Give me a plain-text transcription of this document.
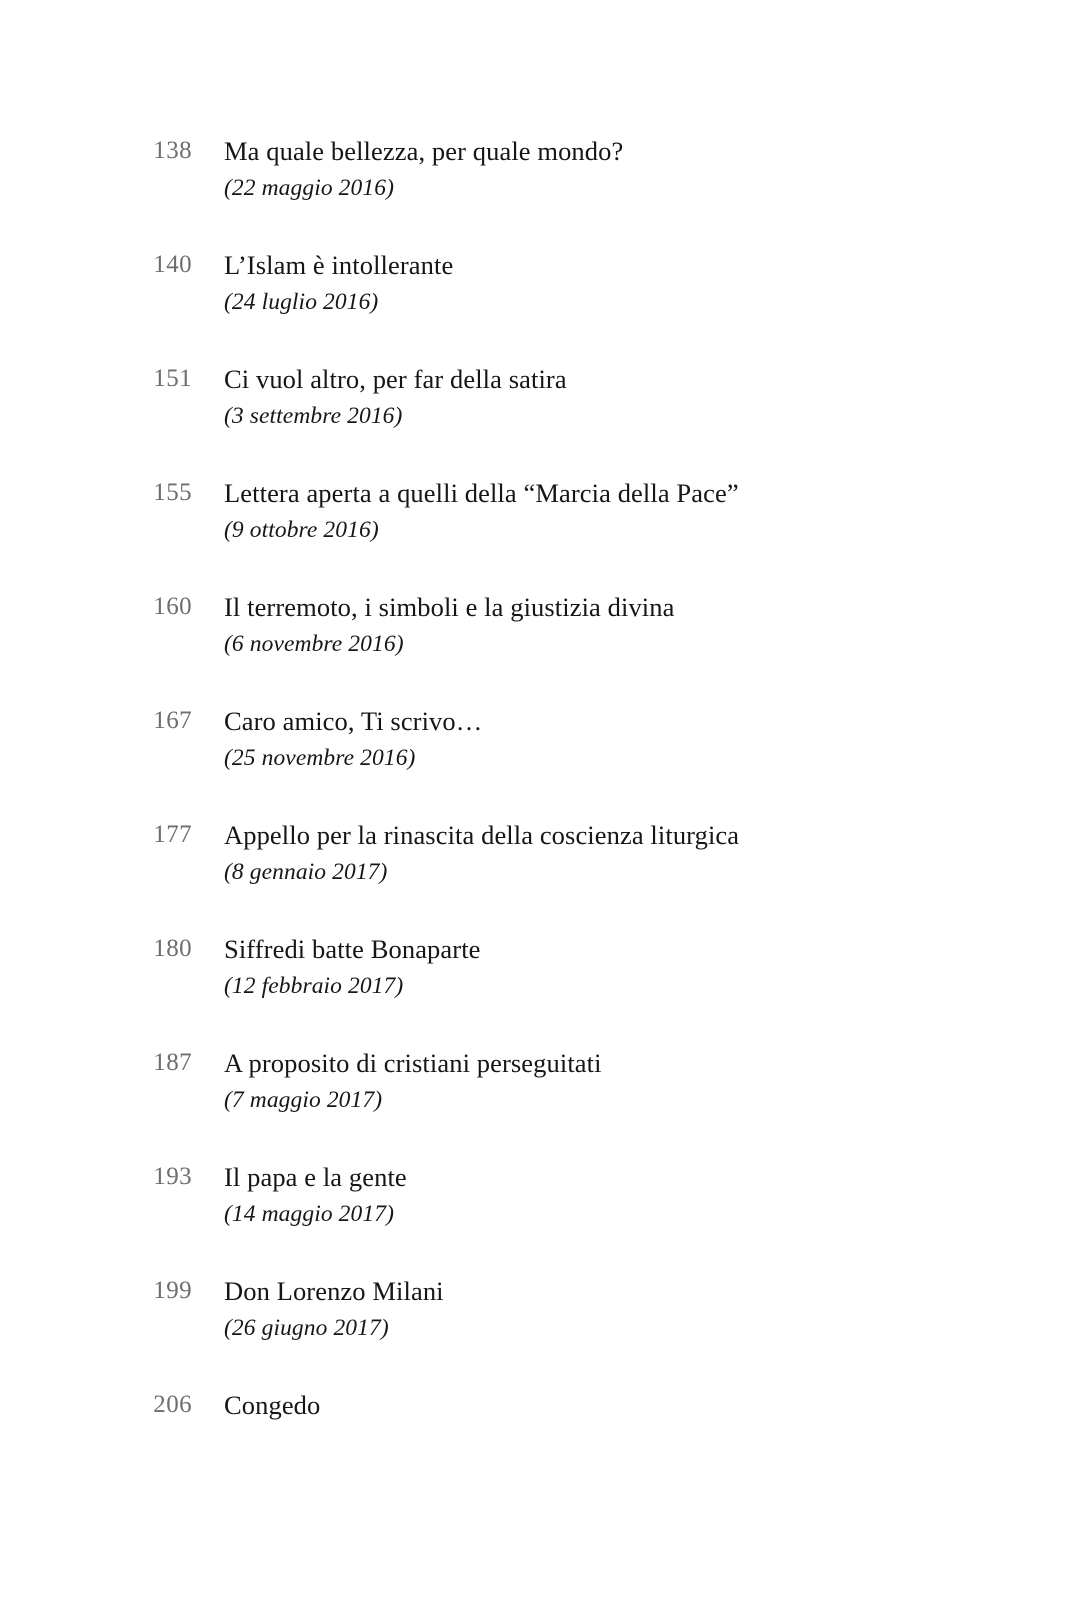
138 Ma quale bellezza, per quale mondo?
(22 maggio 2016)
140 L’Islam è intollerante
(24 luglio 2016)
151 Ci vuol altro, per far della satira
(3 settembre 2016)
155 Lettera aperta a quelli della “Marcia della Pace”
(9 ottobre 2016)
160 Il terremoto, i simboli e la giustizia divina
(6 novembre 2016)
167 Caro amico, Ti scrivo…
(25 novembre 2016)
177 Appello per la rinascita della coscienza liturgica
(8 gennaio 2017)
180 Siffredi batte Bonaparte
(12 febbraio 2017)
187 A proposito di cristiani perseguitati
(7 maggio 2017)
193 Il papa e la gente
(14 maggio 2017)
199 Don Lorenzo Milani
(26 giugno 2017)
206 Congedo
